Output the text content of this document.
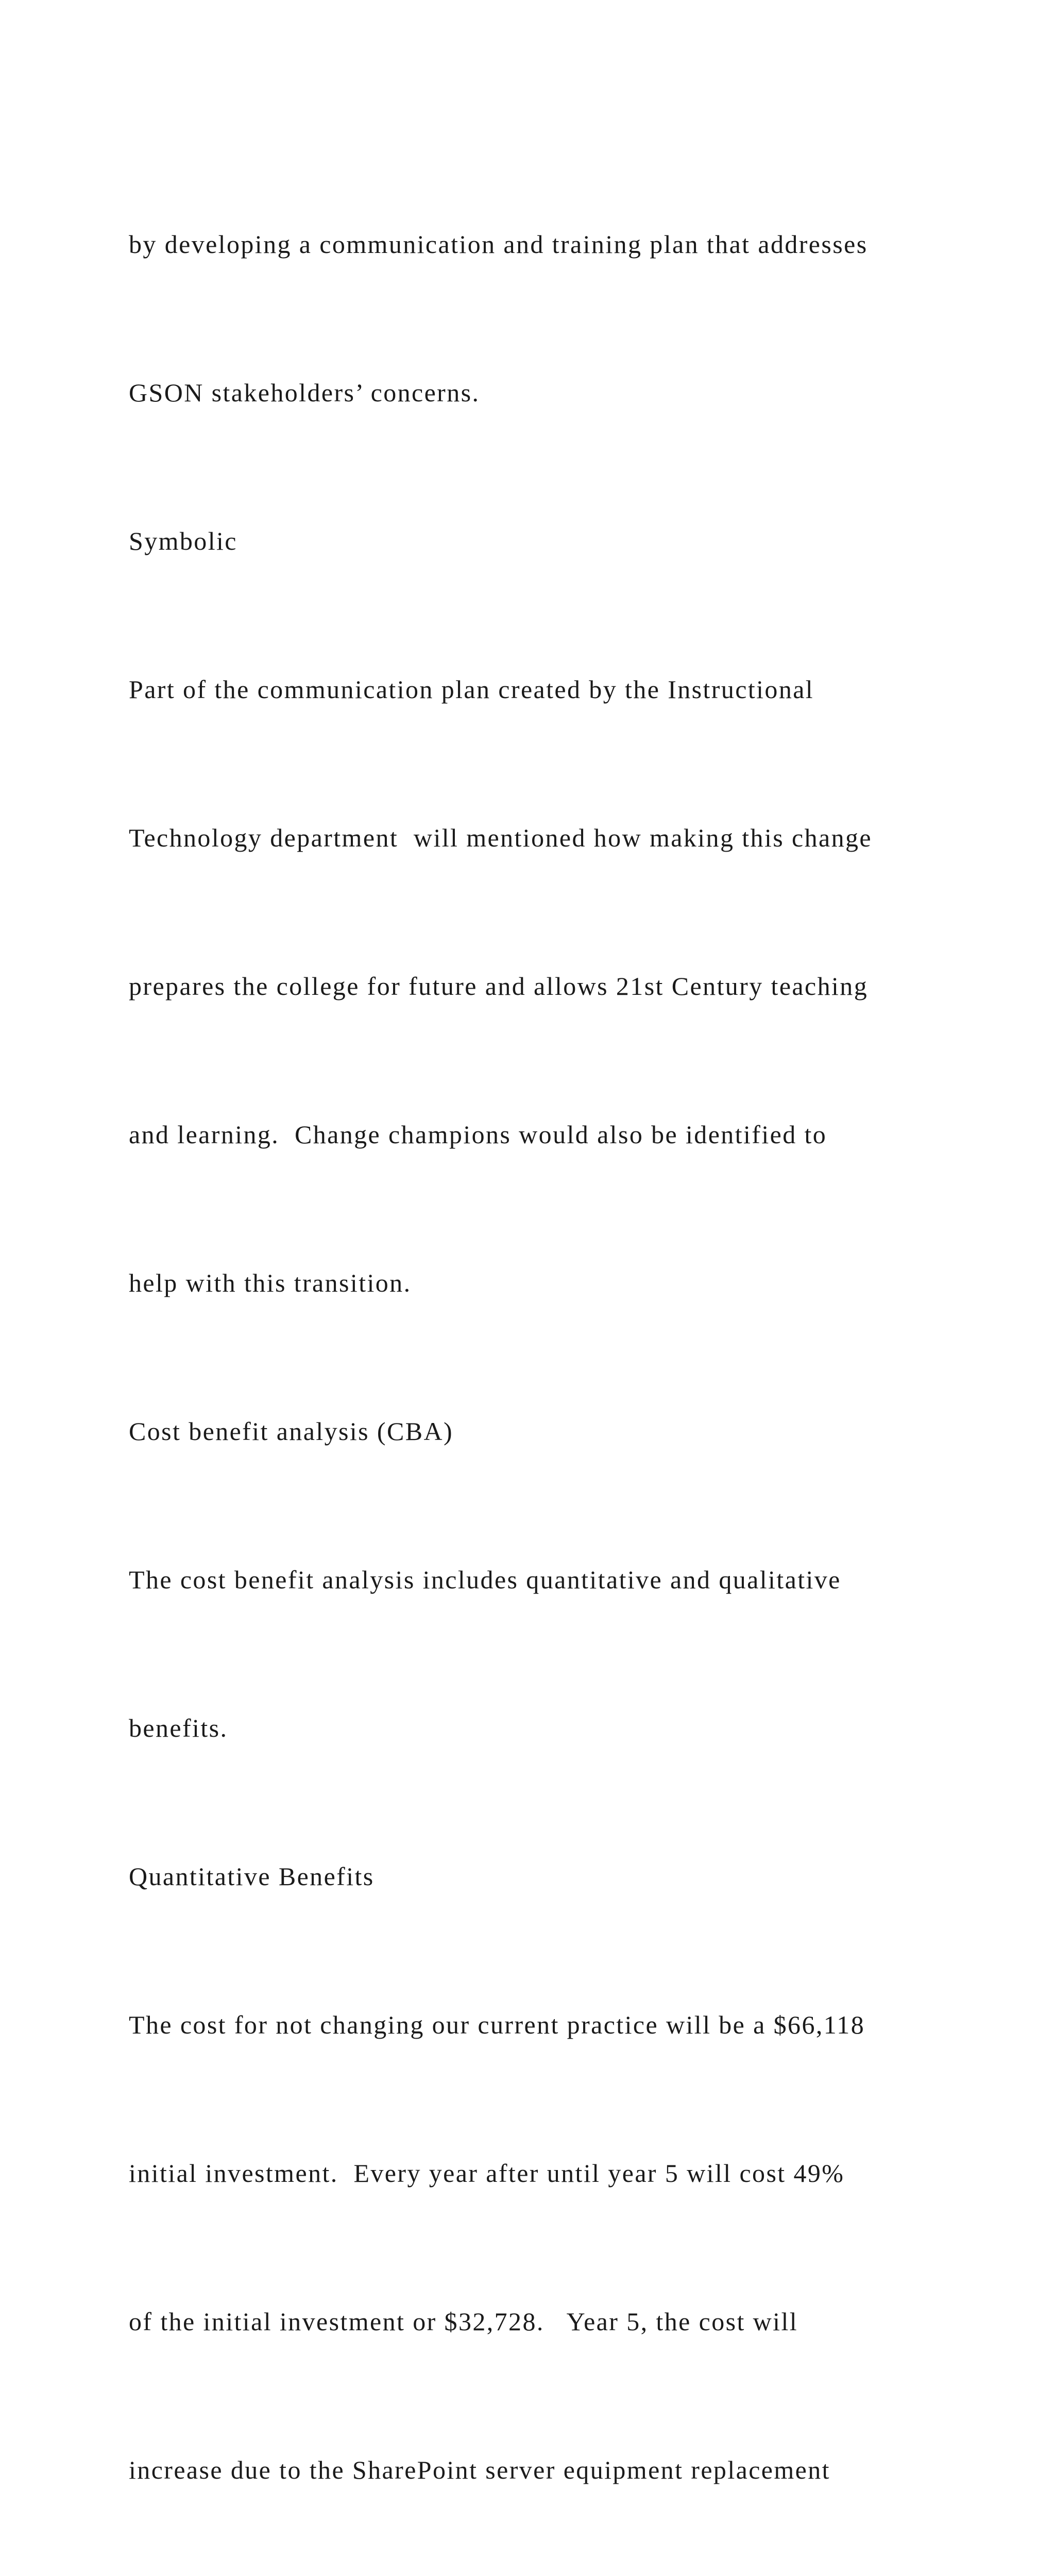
by developing a communication and training plan that addresses

GSON stakeholders’ concerns.

Symbolic

Part of the communication plan created by the Instructional

Technology department  will mentioned how making this change

prepares the college for future and allows 21st Century teaching

and learning.  Change champions would also be identified to

help with this transition.

Cost benefit analysis (CBA)

The cost benefit analysis includes quantitative and qualitative

benefits.

Quantitative Benefits

The cost for not changing our current practice will be a $66,118

initial investment.  Every year after until year 5 will cost 49%

of the initial investment or $32,728.   Year 5, the cost will

increase due to the SharePoint server equipment replacement
